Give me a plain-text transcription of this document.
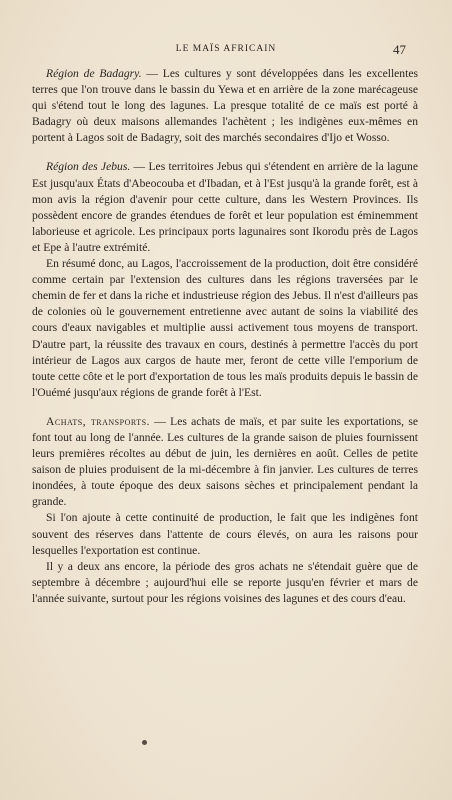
LE MAÏS AFRICAIN	47

Région de Badagry. — Les cultures y sont développées dans les excellentes terres que l'on trouve dans le bassin du Yewa et en arrière de la zone marécageuse qui s'étend tout le long des lagunes. La presque totalité de ce maïs est porté à Badagry où deux maisons allemandes l'achètent ; les indigènes eux-mêmes en portent à Lagos soit de Badagry, soit des marchés secondaires d'Ijo et Wosso.

Région des Jebus. — Les territoires Jebus qui s'étendent en arrière de la lagune Est jusqu'aux États d'Abeocouba et d'Ibadan, et à l'Est jusqu'à la grande forêt, est à mon avis la région d'avenir pour cette culture, dans les Western Provinces. Ils possèdent encore de grandes étendues de forêt et leur population est éminemment laborieuse et agricole. Les principaux ports lagunaires sont Ikorodu près de Lagos et Epe à l'autre extrémité.

En résumé donc, au Lagos, l'accroissement de la production, doit être considéré comme certain par l'extension des cultures dans les régions traversées par le chemin de fer et dans la riche et industrieuse région des Jebus. Il n'est d'ailleurs pas de colonies où le gouvernement entretienne avec autant de soins la viabilité des cours d'eaux navigables et multiplie aussi activement tous moyens de transport. D'autre part, la réussite des travaux en cours, destinés à permettre l'accès du port intérieur de Lagos aux cargos de haute mer, feront de cette ville l'emporium de toute cette côte et le port d'exportation de tous les maïs produits depuis le bassin de l'Ouémé jusqu'aux régions de grande forêt à l'Est.

Achats, transports. — Les achats de maïs, et par suite les exportations, se font tout au long de l'année. Les cultures de la grande saison de pluies fournissent leurs premières récoltes au début de juin, les dernières en août. Celles de petite saison de pluies produisent de la mi-décembre à fin janvier. Les cultures de terres inondées, à toute époque des deux saisons sèches et principalement pendant la grande.

Si l'on ajoute à cette continuité de production, le fait que les indigènes font souvent des réserves dans l'attente de cours élevés, on aura les raisons pour lesquelles l'exportation est continue.

Il y a deux ans encore, la période des gros achats ne s'étendait guère que de septembre à décembre ; aujourd'hui elle se reporte jusqu'en février et mars de l'année suivante, surtout pour les régions voisines des lagunes et des cours d'eau.
